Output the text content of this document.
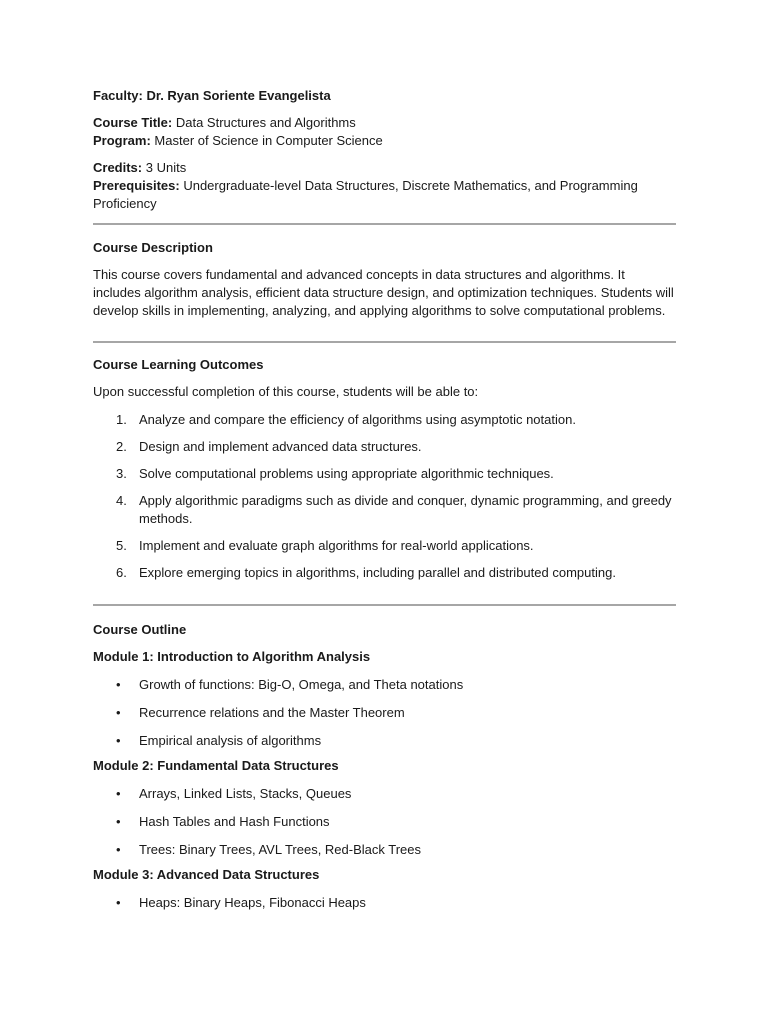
Faculty: Dr. Ryan Soriente Evangelista

Course Title: Data Structures and Algorithms

Program: Master of Science in Computer Science

Credits: 3 Units

Prerequisites: Undergraduate-level Data Structures, Discrete Mathematics, and Programming Proficiency

Course Description

This course covers fundamental and advanced concepts in data structures and algorithms. It includes algorithm analysis, efficient data structure design, and optimization techniques. Students will develop skills in implementing, analyzing, and applying algorithms to solve computational problems.

Course Learning Outcomes

Upon successful completion of this course, students will be able to:

1. Analyze and compare the efficiency of algorithms using asymptotic notation.
2. Design and implement advanced data structures.
3. Solve computational problems using appropriate algorithmic techniques.
4. Apply algorithmic paradigms such as divide and conquer, dynamic programming, and greedy methods.
5. Implement and evaluate graph algorithms for real-world applications.
6. Explore emerging topics in algorithms, including parallel and distributed computing.

Course Outline

Module 1: Introduction to Algorithm Analysis

• Growth of functions: Big-O, Omega, and Theta notations
• Recurrence relations and the Master Theorem
• Empirical analysis of algorithms

Module 2: Fundamental Data Structures

• Arrays, Linked Lists, Stacks, Queues
• Hash Tables and Hash Functions
• Trees: Binary Trees, AVL Trees, Red-Black Trees

Module 3: Advanced Data Structures

• Heaps: Binary Heaps, Fibonacci Heaps
